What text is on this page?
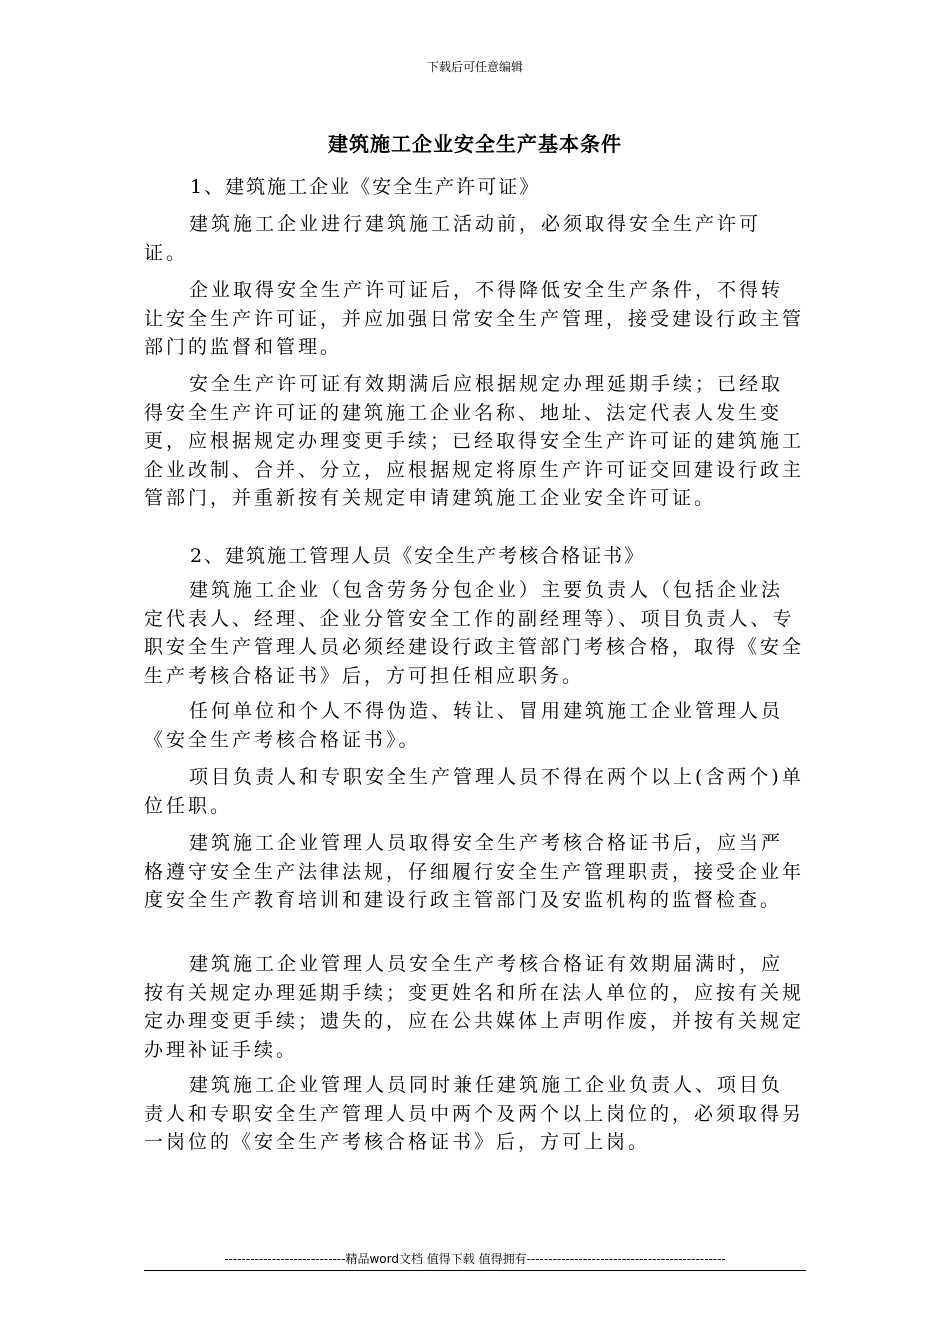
下载后可任意编辑
建筑施工企业安全生产基本条件
1、建筑施工企业《安全生产许可证》

建筑施工企业进行建筑施工活动前，必须取得安全生产许可证。

企业取得安全生产许可证后，不得降低安全生产条件，不得转让安全生产许可证，并应加强日常安全生产管理，接受建设行政主管部门的监督和管理。

安全生产许可证有效期满后应根据规定办理延期手续；已经取得安全生产许可证的建筑施工企业名称、地址、法定代表人发生变更，应根据规定办理变更手续；已经取得安全生产许可证的建筑施工企业改制、合并、分立，应根据规定将原生产许可证交回建设行政主管部门，并重新按有关规定申请建筑施工企业安全许可证。

2、建筑施工管理人员《安全生产考核合格证书》

建筑施工企业（包含劳务分包企业）主要负责人（包括企业法定代表人、经理、企业分管安全工作的副经理等）、项目负责人、专职安全生产管理人员必须经建设行政主管部门考核合格，取得《安全生产考核合格证书》后，方可担任相应职务。

任何单位和个人不得伪造、转让、冒用建筑施工企业管理人员《安全生产考核合格证书》。

项目负责人和专职安全生产管理人员不得在两个以上(含两个)单位任职。

建筑施工企业管理人员取得安全生产考核合格证书后，应当严格遵守安全生产法律法规，仔细履行安全生产管理职责，接受企业年度安全生产教育培训和建设行政主管部门及安监机构的监督检查。

建筑施工企业管理人员安全生产考核合格证有效期届满时，应按有关规定办理延期手续；变更姓名和所在法人单位的，应按有关规定办理变更手续；遗失的，应在公共媒体上声明作废，并按有关规定办理补证手续。

建筑施工企业管理人员同时兼任建筑施工企业负责人、项目负责人和专职安全生产管理人员中两个及两个以上岗位的，必须取得另一岗位的《安全生产考核合格证书》后，方可上岗。

----------------------------精品word文档 值得下载 值得拥有----------------------------------------------
